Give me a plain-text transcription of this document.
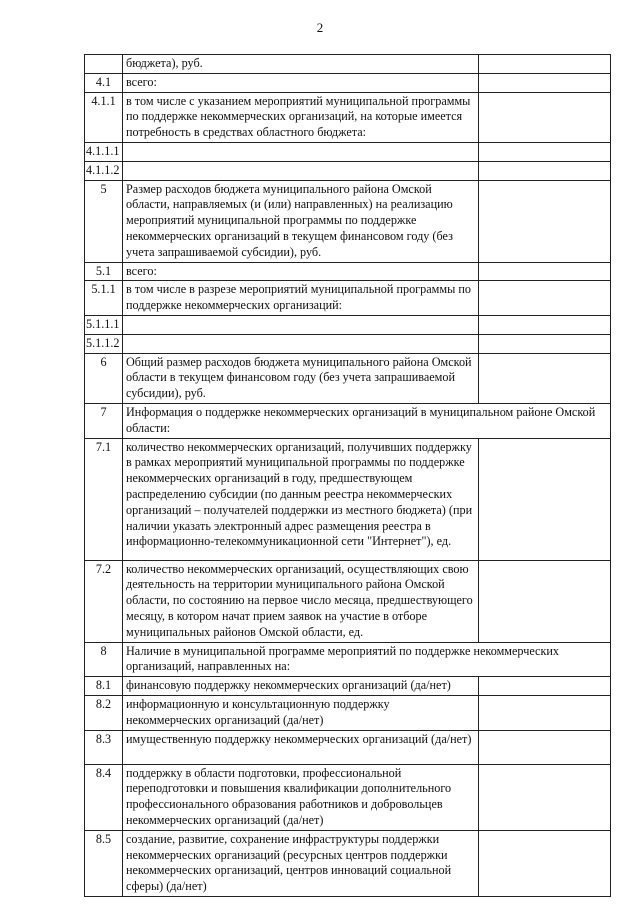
2
	бюджета), руб.	
4.1	всего:	
4.1.1	в том числе с указанием мероприятий муниципальной программы по поддержке некоммерческих организаций, на которые имеется потребность в средствах областного бюджета:	
4.1.1.1		
4.1.1.2		
5	Размер расходов бюджета муниципального района Омской области, направляемых (и (или) направленных) на реализацию мероприятий муниципальной программы по поддержке некоммерческих организаций в текущем финансовом году (без учета запрашиваемой субсидии), руб.	
5.1	всего:	
5.1.1	в том числе в разрезе мероприятий муниципальной программы по поддержке некоммерческих организаций:	
5.1.1.1		
5.1.1.2		
6	Общий размер расходов бюджета муниципального района Омской области в текущем финансовом году (без учета запрашиваемой субсидии), руб.	
7	Информация о поддержке некоммерческих организаций в муниципальном районе Омской области:	
7.1	количество некоммерческих организаций, получивших поддержку в рамках мероприятий муниципальной программы по поддержке некоммерческих организаций в году, предшествующем распределению субсидии (по данным реестра некоммерческих организаций – получателей поддержки из местного бюджета) (при наличии указать электронный адрес размещения реестра в информационно-телекоммуникационной сети "Интернет"), ед.	
7.2	количество некоммерческих организаций, осуществляющих свою деятельность на территории муниципального района Омской области, по состоянию на первое число месяца, предшествующего месяцу, в котором начат прием заявок на участие в отборе муниципальных районов Омской области, ед.	
8	Наличие в муниципальной программе мероприятий по поддержке некоммерческих организаций, направленных на:	
8.1	финансовую поддержку некоммерческих организаций (да/нет)	
8.2	информационную и консультационную поддержку некоммерческих организаций (да/нет)	
8.3	имущественную поддержку некоммерческих организаций (да/нет)	
8.4	поддержку в области подготовки, профессиональной переподготовки и повышения квалификации дополнительного профессионального образования работников и добровольцев некоммерческих организаций (да/нет)	
8.5	создание, развитие, сохранение инфраструктуры поддержки некоммерческих организаций (ресурсных центров поддержки некоммерческих организаций, центров инноваций социальной сферы) (да/нет)	
